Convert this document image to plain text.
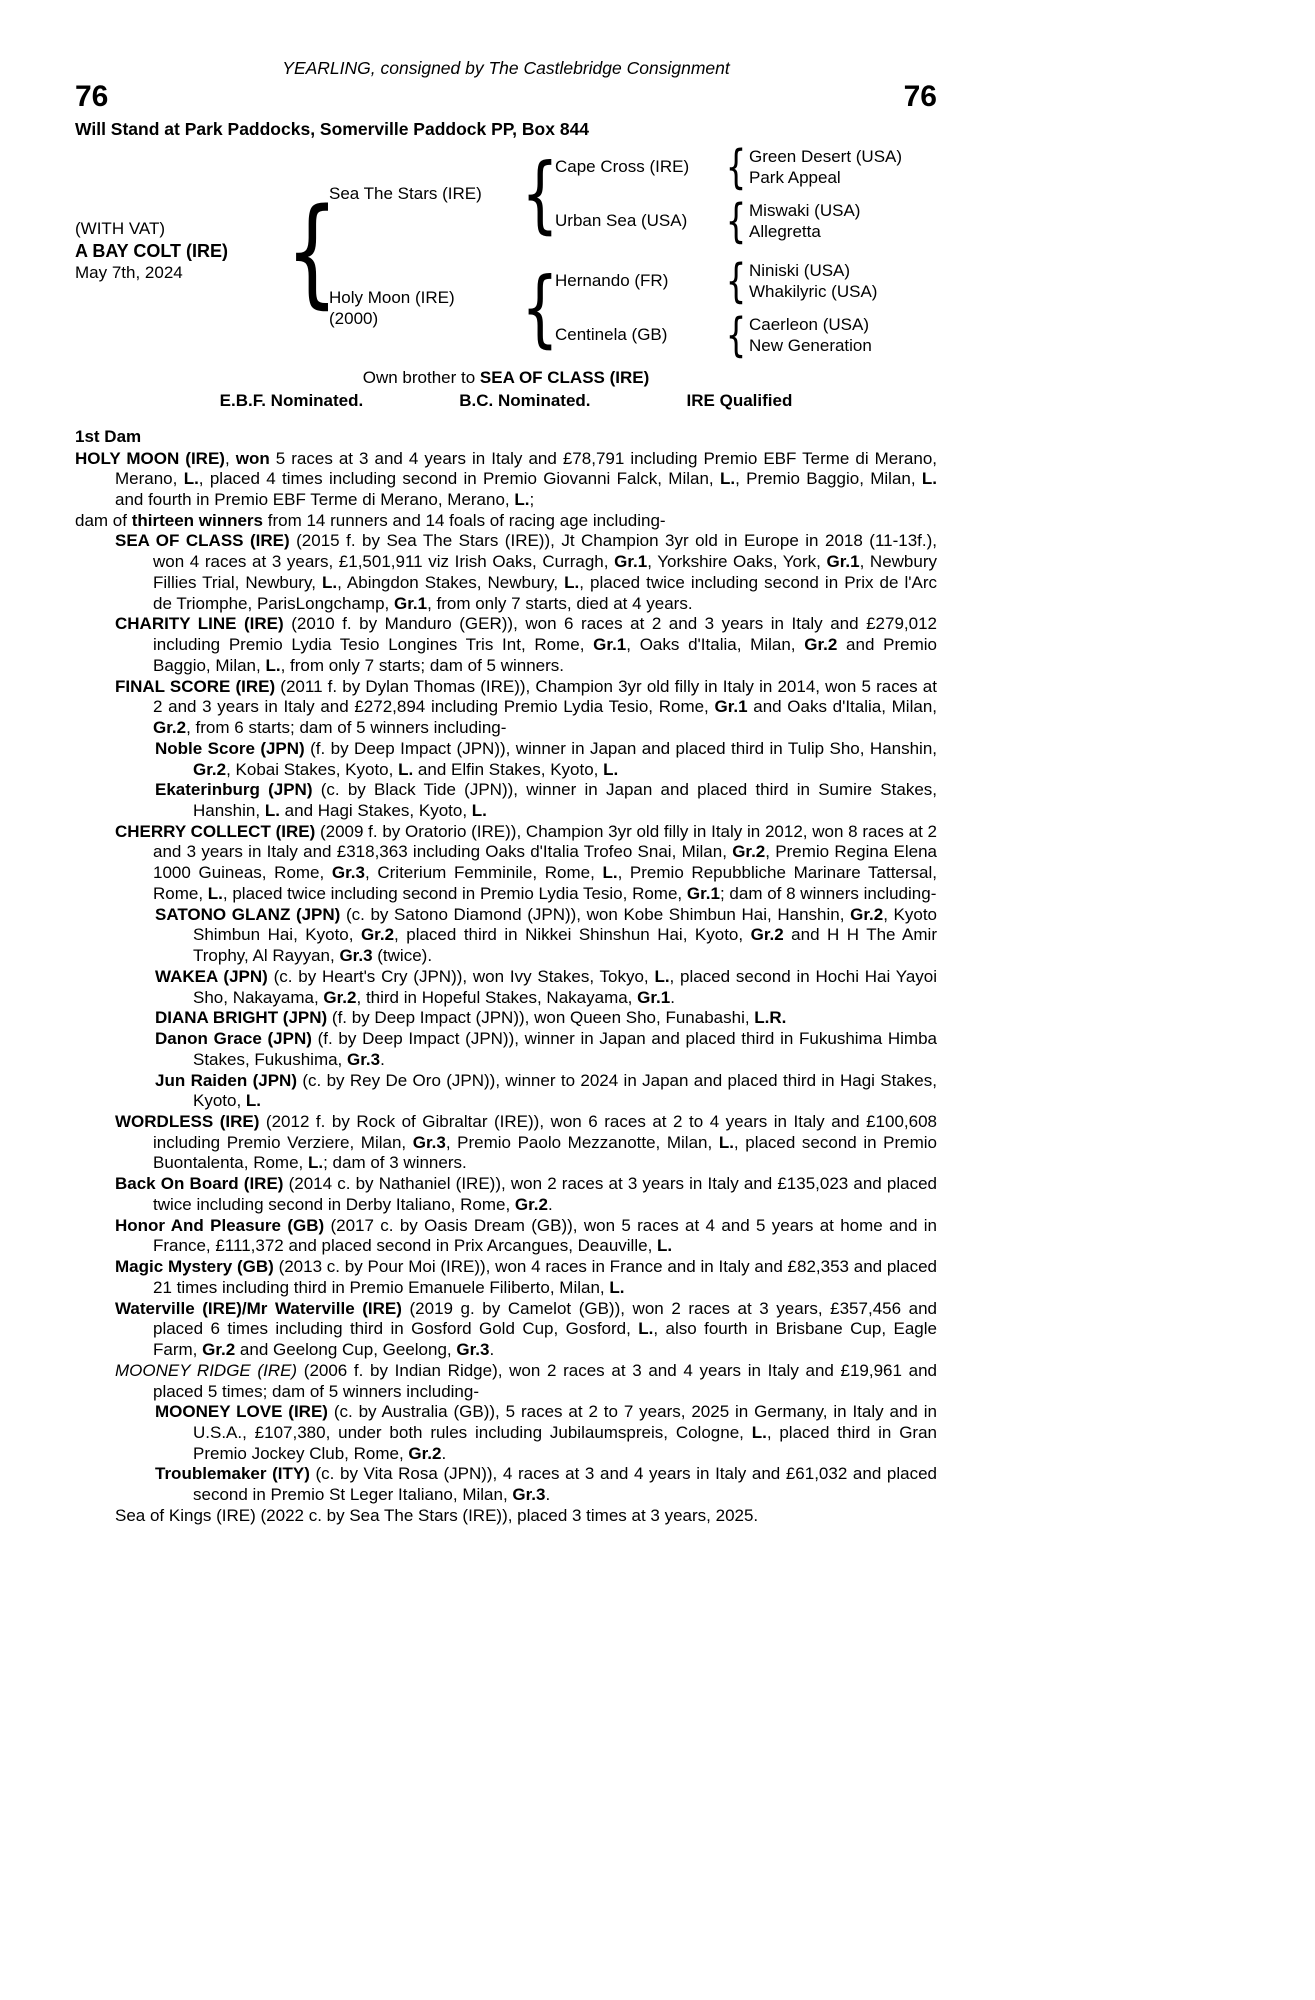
YEARLING, consigned by The Castlebridge Consignment
76	76
Will Stand at Park Paddocks, Somerville Paddock PP, Box 844
(WITH VAT)
A BAY COLT (IRE)
May 7th, 2024
{
Sea The Stars (IRE)
{
Cape Cross (IRE)
{
Green Desert (USA)
Park Appeal
Urban Sea (USA)
{
Miswaki (USA)
Allegretta
Holy Moon (IRE)
(2000)
{
Hernando (FR)
{
Niniski (USA)
Whakilyric (USA)
Centinela (GB)
{
Caerleon (USA)
New Generation
Own brother to SEA OF CLASS (IRE)
E.B.F. Nominated.	B.C. Nominated.	IRE Qualified
1st Dam
HOLY MOON (IRE), won 5 races at 3 and 4 years in Italy and £78,791 including Premio EBF Terme di Merano, Merano, L., placed 4 times including second in Premio Giovanni Falck, Milan, L., Premio Baggio, Milan, L. and fourth in Premio EBF Terme di Merano, Merano, L.;
dam of thirteen winners from 14 runners and 14 foals of racing age including-
SEA OF CLASS (IRE) (2015 f. by Sea The Stars (IRE)), Jt Champion 3yr old in Europe in 2018 (11-13f.), won 4 races at 3 years, £1,501,911 viz Irish Oaks, Curragh, Gr.1, Yorkshire Oaks, York, Gr.1, Newbury Fillies Trial, Newbury, L., Abingdon Stakes, Newbury, L., placed twice including second in Prix de l'Arc de Triomphe, ParisLongchamp, Gr.1, from only 7 starts, died at 4 years.
CHARITY LINE (IRE) (2010 f. by Manduro (GER)), won 6 races at 2 and 3 years in Italy and £279,012 including Premio Lydia Tesio Longines Tris Int, Rome, Gr.1, Oaks d'Italia, Milan, Gr.2 and Premio Baggio, Milan, L., from only 7 starts; dam of 5 winners.
FINAL SCORE (IRE) (2011 f. by Dylan Thomas (IRE)), Champion 3yr old filly in Italy in 2014, won 5 races at 2 and 3 years in Italy and £272,894 including Premio Lydia Tesio, Rome, Gr.1 and Oaks d'Italia, Milan, Gr.2, from 6 starts; dam of 5 winners including-
Noble Score (JPN) (f. by Deep Impact (JPN)), winner in Japan and placed third in Tulip Sho, Hanshin, Gr.2, Kobai Stakes, Kyoto, L. and Elfin Stakes, Kyoto, L.
Ekaterinburg (JPN) (c. by Black Tide (JPN)), winner in Japan and placed third in Sumire Stakes, Hanshin, L. and Hagi Stakes, Kyoto, L.
CHERRY COLLECT (IRE) (2009 f. by Oratorio (IRE)), Champion 3yr old filly in Italy in 2012, won 8 races at 2 and 3 years in Italy and £318,363 including Oaks d'Italia Trofeo Snai, Milan, Gr.2, Premio Regina Elena 1000 Guineas, Rome, Gr.3, Criterium Femminile, Rome, L., Premio Repubbliche Marinare Tattersal, Rome, L., placed twice including second in Premio Lydia Tesio, Rome, Gr.1; dam of 8 winners including-
SATONO GLANZ (JPN) (c. by Satono Diamond (JPN)), won Kobe Shimbun Hai, Hanshin, Gr.2, Kyoto Shimbun Hai, Kyoto, Gr.2, placed third in Nikkei Shinshun Hai, Kyoto, Gr.2 and H H The Amir Trophy, Al Rayyan, Gr.3 (twice).
WAKEA (JPN) (c. by Heart's Cry (JPN)), won Ivy Stakes, Tokyo, L., placed second in Hochi Hai Yayoi Sho, Nakayama, Gr.2, third in Hopeful Stakes, Nakayama, Gr.1.
DIANA BRIGHT (JPN) (f. by Deep Impact (JPN)), won Queen Sho, Funabashi, L.R.
Danon Grace (JPN) (f. by Deep Impact (JPN)), winner in Japan and placed third in Fukushima Himba Stakes, Fukushima, Gr.3.
Jun Raiden (JPN) (c. by Rey De Oro (JPN)), winner to 2024 in Japan and placed third in Hagi Stakes, Kyoto, L.
WORDLESS (IRE) (2012 f. by Rock of Gibraltar (IRE)), won 6 races at 2 to 4 years in Italy and £100,608 including Premio Verziere, Milan, Gr.3, Premio Paolo Mezzanotte, Milan, L., placed second in Premio Buontalenta, Rome, L.; dam of 3 winners.
Back On Board (IRE) (2014 c. by Nathaniel (IRE)), won 2 races at 3 years in Italy and £135,023 and placed twice including second in Derby Italiano, Rome, Gr.2.
Honor And Pleasure (GB) (2017 c. by Oasis Dream (GB)), won 5 races at 4 and 5 years at home and in France, £111,372 and placed second in Prix Arcangues, Deauville, L.
Magic Mystery (GB) (2013 c. by Pour Moi (IRE)), won 4 races in France and in Italy and £82,353 and placed 21 times including third in Premio Emanuele Filiberto, Milan, L.
Waterville (IRE)/Mr Waterville (IRE) (2019 g. by Camelot (GB)), won 2 races at 3 years, £357,456 and placed 6 times including third in Gosford Gold Cup, Gosford, L., also fourth in Brisbane Cup, Eagle Farm, Gr.2 and Geelong Cup, Geelong, Gr.3.
MOONEY RIDGE (IRE) (2006 f. by Indian Ridge), won 2 races at 3 and 4 years in Italy and £19,961 and placed 5 times; dam of 5 winners including-
MOONEY LOVE (IRE) (c. by Australia (GB)), 5 races at 2 to 7 years, 2025 in Germany, in Italy and in U.S.A., £107,380, under both rules including Jubilaumspreis, Cologne, L., placed third in Gran Premio Jockey Club, Rome, Gr.2.
Troublemaker (ITY) (c. by Vita Rosa (JPN)), 4 races at 3 and 4 years in Italy and £61,032 and placed second in Premio St Leger Italiano, Milan, Gr.3.
Sea of Kings (IRE) (2022 c. by Sea The Stars (IRE)), placed 3 times at 3 years, 2025.
